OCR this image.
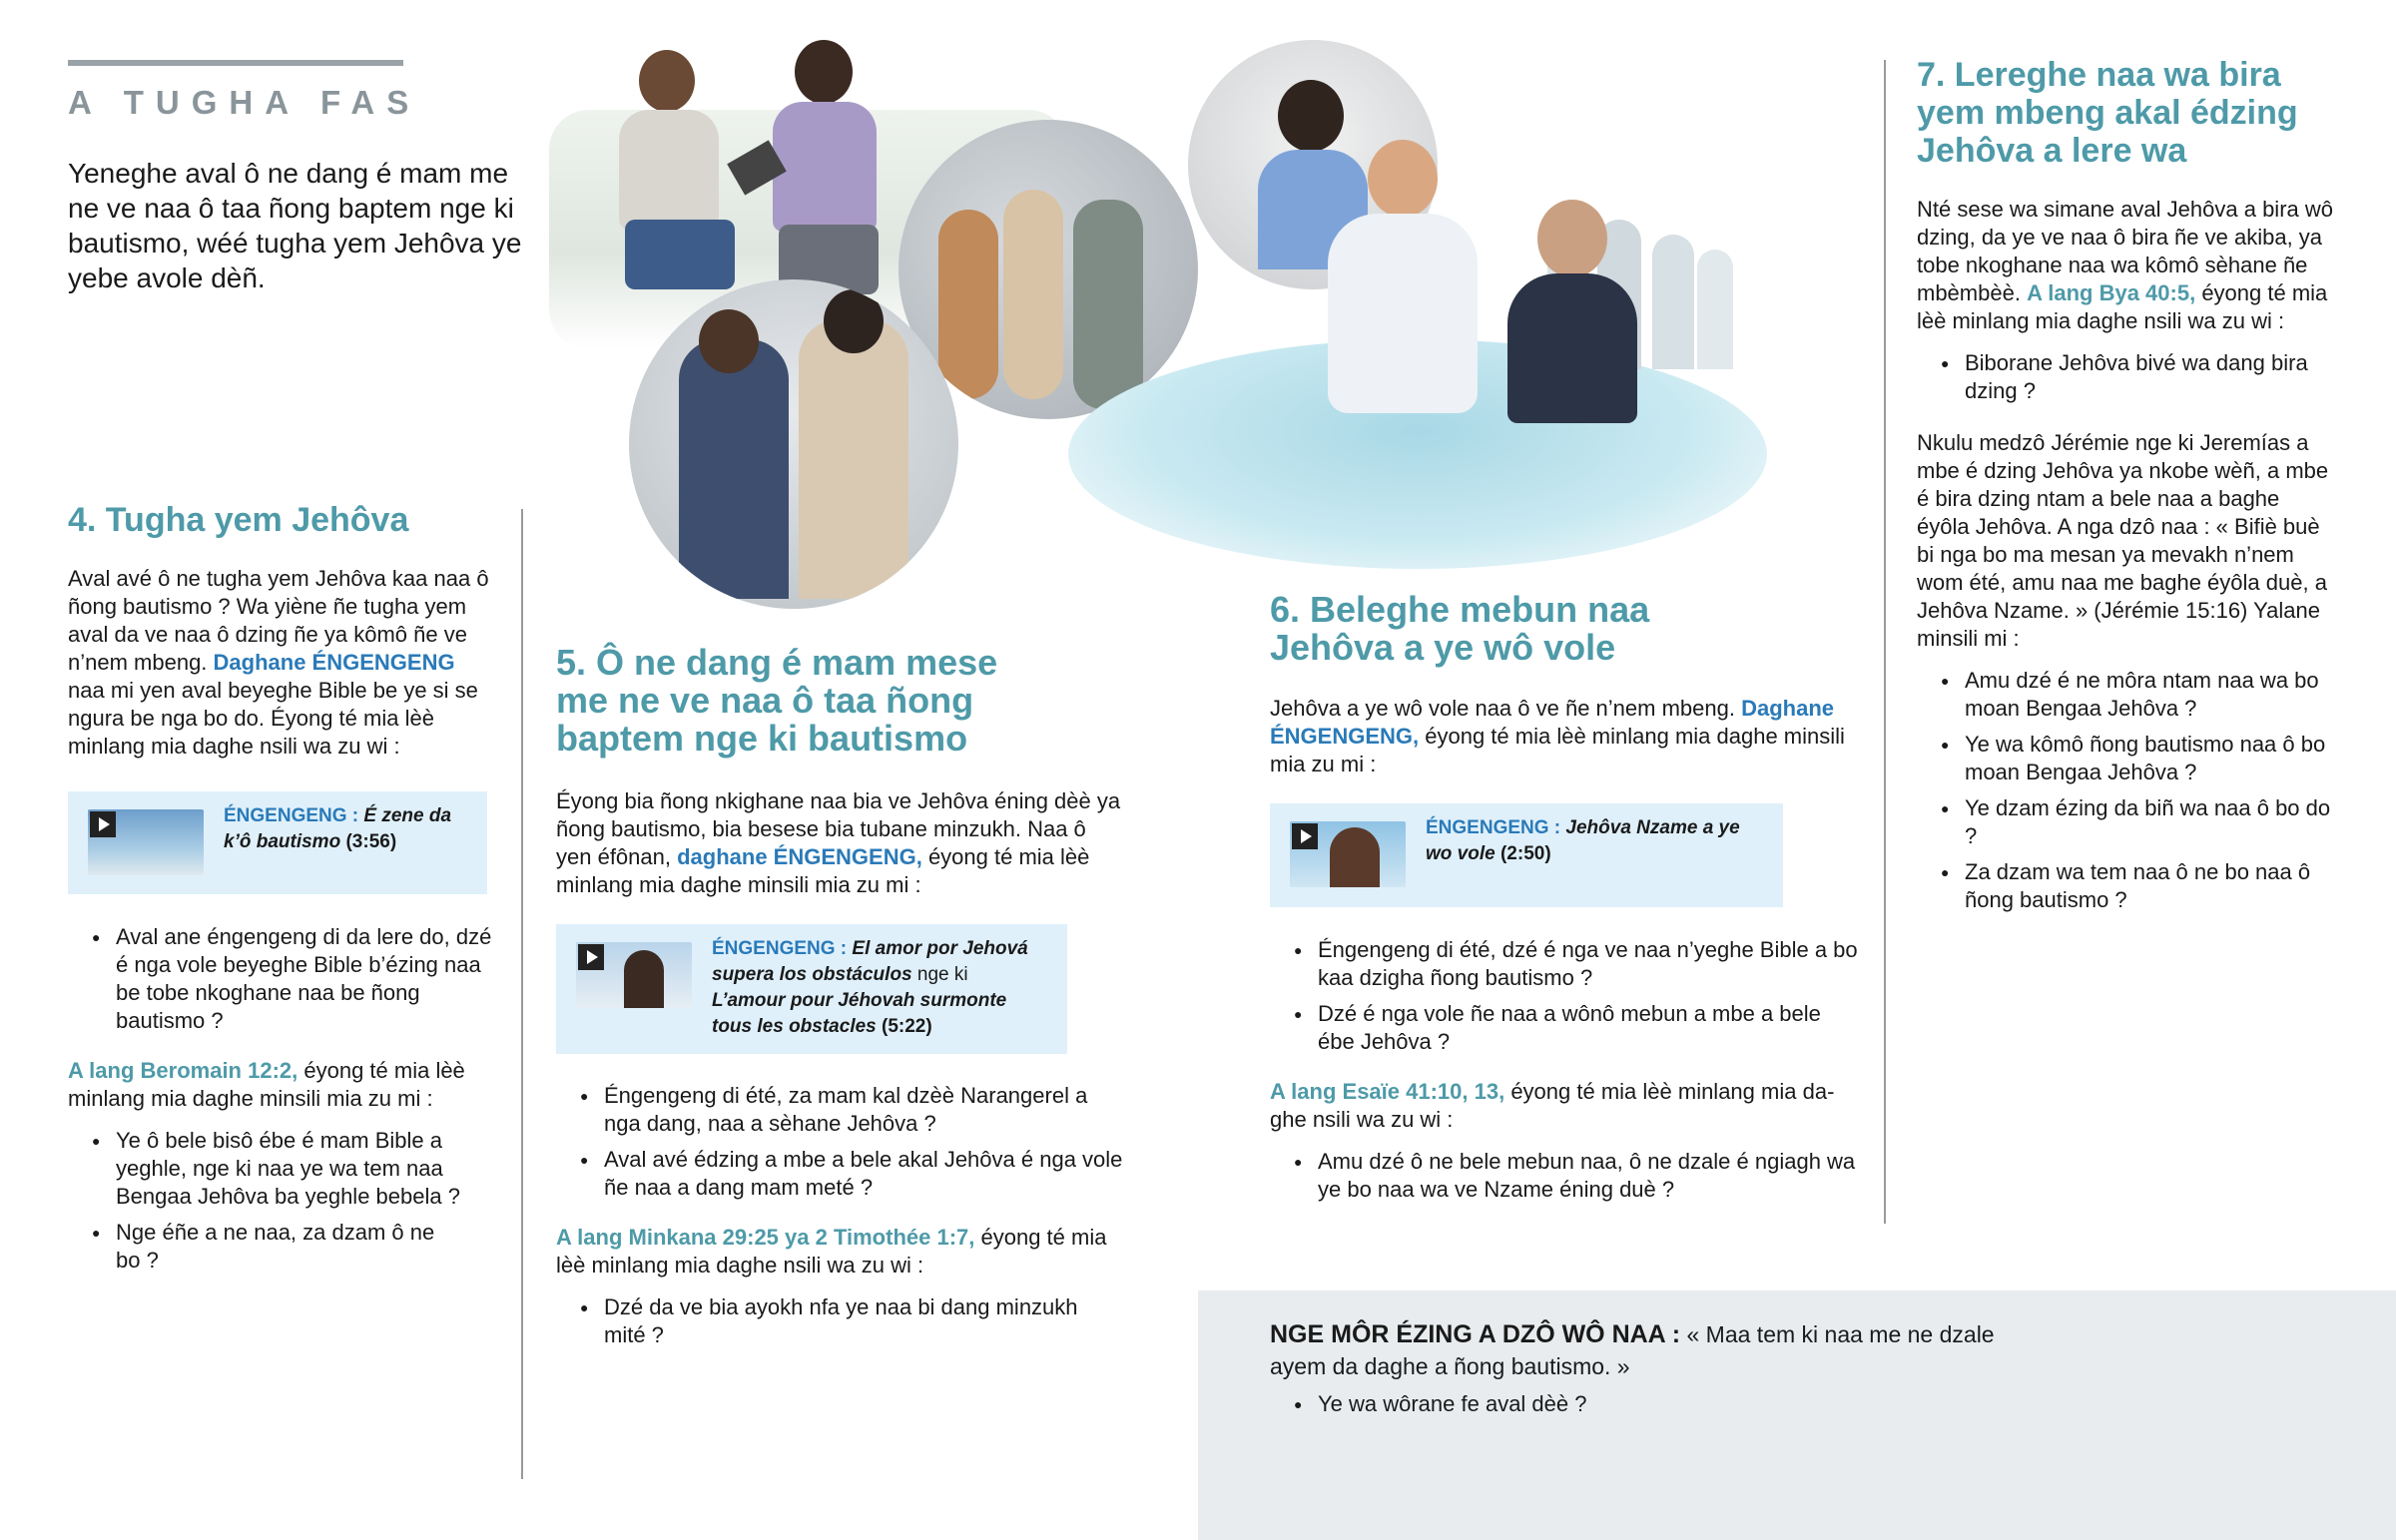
A TUGHA FAS

Yeneghe aval ô ne dang é mam me ne ve naa ô taa ñong baptem nge ki bautismo, wéé tugha yem Jehôva ye yebe avole dèñ.

4. Tugha yem Jehôva

Aval avé ô ne tugha yem Jehôva kaa naa ô ñong bautismo ? Wa yiène ñe tugha yem aval da ve naa ô dzing ñe ya kômô ñe ve n’nem mbeng. Daghane ÉNGENGENG naa mi yen aval beyeghe Bible be ye si se ngura be nga bo do. Éyong té mia lèè minlang mia daghe nsili wa zu wi :

ÉNGENGENG : É zene da k’ô bautismo (3:56)
● Aval ane éngengeng di da lere do, dzé é nga vole beyeghe Bible b’ézing naa be tobe nkoghane naa be ñong bautismo ?

A lang Beromain 12:2, éyong té mia lèè minlang mia daghe minsili mia zu mi :

● Ye ô bele bisô ébe é mam Bible a yeghle, nge ki naa ye wa tem naa Bengaa Jehôva ba yeghle bebela ?
● Nge éñe a ne naa, za dzam ô ne bo ?
5. Ô ne dang é mam mese me ne ve naa ô taa ñong baptem nge ki bautismo

Éyong bia ñong nkighane naa bia ve Jehôva éning dèè ya ñong bautismo, bia besese bia tubane minzukh. Naa ô yen éfônan, daghane ÉNGENGENG, éyong té mia lèè minlang mia daghe minsili mia zu mi :

ÉNGENGENG : El amor por Jehová supera los obstáculos nge ki L’amour pour Jéhovah surmonte tous les obstacles (5:22)
● Éngengeng di été, za mam kal dzèè Narangerel a nga dang, naa a sèhane Jehôva ?
● Aval avé édzing a mbe a bele akal Jehôva é nga vole ñe naa a dang mam meté ?

A lang Minkana 29:25 ya 2 Timothée 1:7, éyong té mia lèè minlang mia daghe nsili wa zu wi :

● Dzé da ve bia ayokh nfa ye naa bi dang minzukh mité ?
6. Beleghe mebun naa Jehôva a ye wô vole

Jehôva a ye wô vole naa ô ve ñe n’nem mbeng. Daghane ÉNGENGENG, éyong té mia lèè minlang mia daghe minsili mia zu mi :

ÉNGENGENG : Jehôva Nzame a ye wo vole (2:50)
● Éngengeng di été, dzé é nga ve naa n’yeghe Bible a bo kaa dzigha ñong bautismo ?
● Dzé é nga vole ñe naa a wônô mebun a mbe a bele ébe Jehôva ?

A lang Esaïe 41:10, 13, éyong té mia lèè minlang mia daghe nsili wa zu wi :

● Amu dzé ô ne bele mebun naa, ô ne dzale é ngiagh wa ye bo naa wa ve Nzame éning duè ?
7. Lereghe naa wa bira yem mbeng akal édzing Jehôva a lere wa

Nté sese wa simane aval Jehôva a bira wô dzing, da ye ve naa ô bira ñe ve akiba, ya tobe nkoghane naa wa kômô sèhane ñe mbèmbèè. A lang Bya 40:5, éyong té mia lèè minlang mia daghe nsili wa zu wi :

● Biborane Jehôva bivé wa dang bira dzing ?

Nkulu medzô Jérémie nge ki Jeremías a mbe é dzing Jehôva ya nkobe wèñ, a mbe é bira dzing ntam a bele naa a baghe éyôla Jehôva. A nga dzô naa : « Bifiè buè bi nga bo ma mesan ya mevakh n’nem wom été, amu naa me baghe éyôla duè, a Jehôva Nzame. » (Jérémie 15:16) Yalane minsili mi :

● Amu dzé é ne môra ntam naa wa bo moan Bengaa Jehôva ?
● Ye wa kômô ñong bautismo naa ô bo moan Bengaa Jehôva ?
● Ye dzam ézing da biñ wa naa ô bo do ?
● Za dzam wa tem naa ô ne bo naa ô ñong bautismo ?

NGE MÔR ÉZING A DZÔ WÔ NAA : « Maa tem ki naa me ne dzale ayem da daghe a ñong bautismo. »

● Ye wa wôrane fe aval dèè ?
